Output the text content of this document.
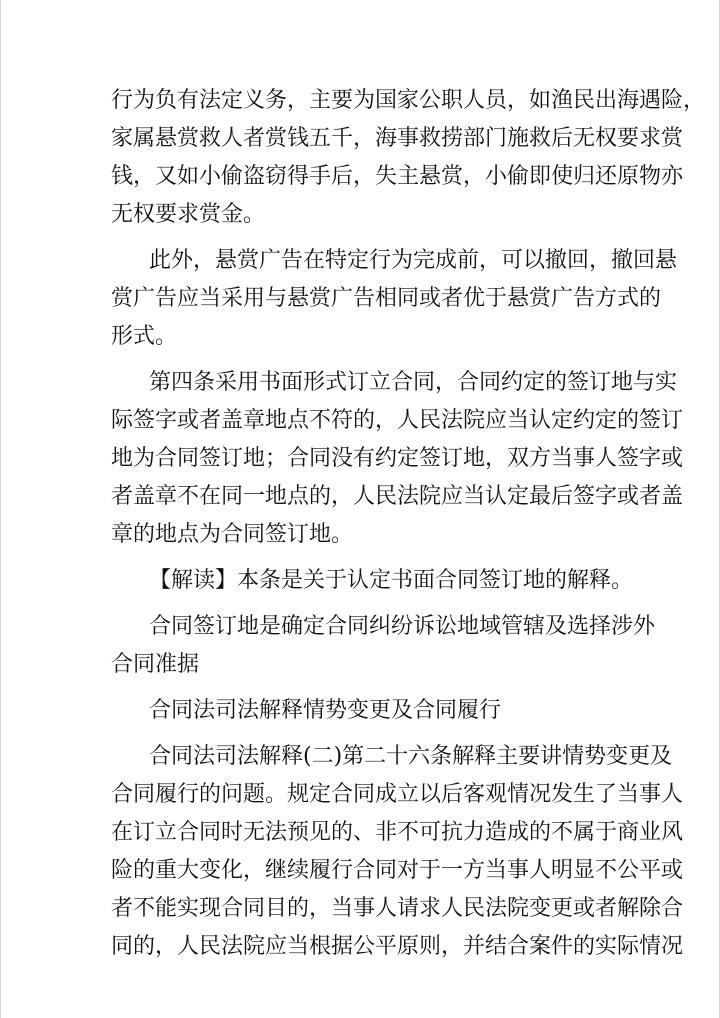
行为负有法定义务，主要为国家公职人员，如渔民出海遇险，
家属悬赏救人者赏钱五千，海事救捞部门施救后无权要求赏
钱，又如小偷盗窃得手后，失主悬赏，小偷即使归还原物亦
无权要求赏金。
此外，悬赏广告在特定行为完成前，可以撤回，撤回悬
赏广告应当采用与悬赏广告相同或者优于悬赏广告方式的
形式。
第四条采用书面形式订立合同，合同约定的签订地与实
际签字或者盖章地点不符的，人民法院应当认定约定的签订
地为合同签订地；合同没有约定签订地，双方当事人签字或
者盖章不在同一地点的，人民法院应当认定最后签字或者盖
章的地点为合同签订地。
【解读】本条是关于认定书面合同签订地的解释。
合同签订地是确定合同纠纷诉讼地域管辖及选择涉外
合同准据
合同法司法解释情势变更及合同履行
合同法司法解释(二)第二十六条解释主要讲情势变更及
合同履行的问题。规定合同成立以后客观情况发生了当事人
在订立合同时无法预见的、非不可抗力造成的不属于商业风
险的重大变化，继续履行合同对于一方当事人明显不公平或
者不能实现合同目的，当事人请求人民法院变更或者解除合
同的，人民法院应当根据公平原则，并结合案件的实际情况
